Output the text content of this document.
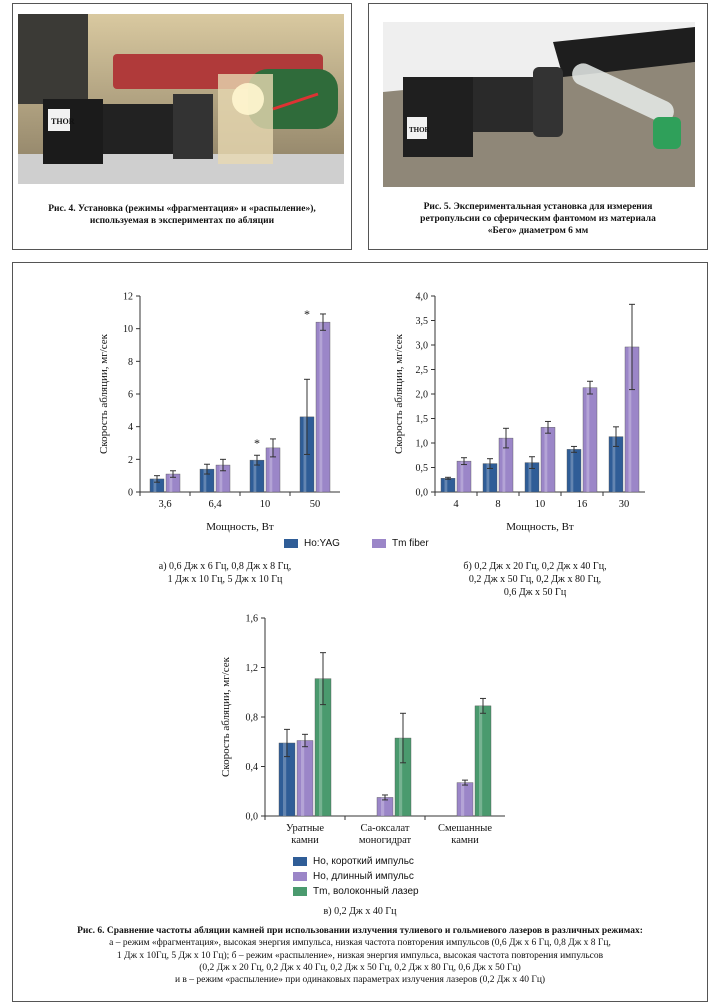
THOR
Рис. 4. Установка (режимы «фрагментация» и «распыление»),
используемая в экспериментах по абляции
THOR
Рис. 5. Экспериментальная установка для измерения
ретропульсии со сферическим фантомом из материала
«Бего» диаметром 6 мм
0
2
4
6
8
10
12
Скорость абляции, мг/сек
Мощность, Вт
3,6	6,4	10	50
*
*
0,0
0,5
1,0
1,5
2,0
2,5
3,0
3,5
4,0
Скорость абляции, мг/сек
Мощность, Вт
4	8	10	16	30
Ho:YAG	Tm fiber
а) 0,6 Дж x 6 Гц, 0,8 Дж x 8 Гц,
1 Дж x 10 Гц, 5 Дж x 10 Гц
б) 0,2 Дж x 20 Гц, 0,2 Дж x 40 Гц,
0,2 Дж x 50 Гц, 0,2 Дж x 80 Гц,
0,6 Дж x 50 Гц
0,0
0,4
0,8
1,2
1,6
Скорость абляции, мг/сек
Уратные
камни
Са-оксалат
моногидрат
Смешанные
камни
Ho, короткий импульс
Ho, длинный импульс
Tm, волоконный лазер
в) 0,2 Дж x 40 Гц
Рис. 6. Сравнение частоты абляции камней при использовании излучения тулиевого и гольмиевого лазеров в различных режимах:
а – режим «фрагментация», высокая энергия импульса, низкая частота повторения импульсов (0,6 Дж x 6 Гц, 0,8 Дж x 8 Гц,
1 Дж x 10Гц, 5 Дж x 10 Гц); б – режим «распыление», низкая энергия импульса, высокая частота повторения импульсов
(0,2 Дж x 20 Гц, 0,2 Дж x 40 Гц, 0,2 Дж x 50 Гц, 0,2 Дж x 80 Гц, 0,6 Дж x 50 Гц)
и в – режим «распыление» при одинаковых параметрах излучения лазеров (0,2 Дж x 40 Гц)
